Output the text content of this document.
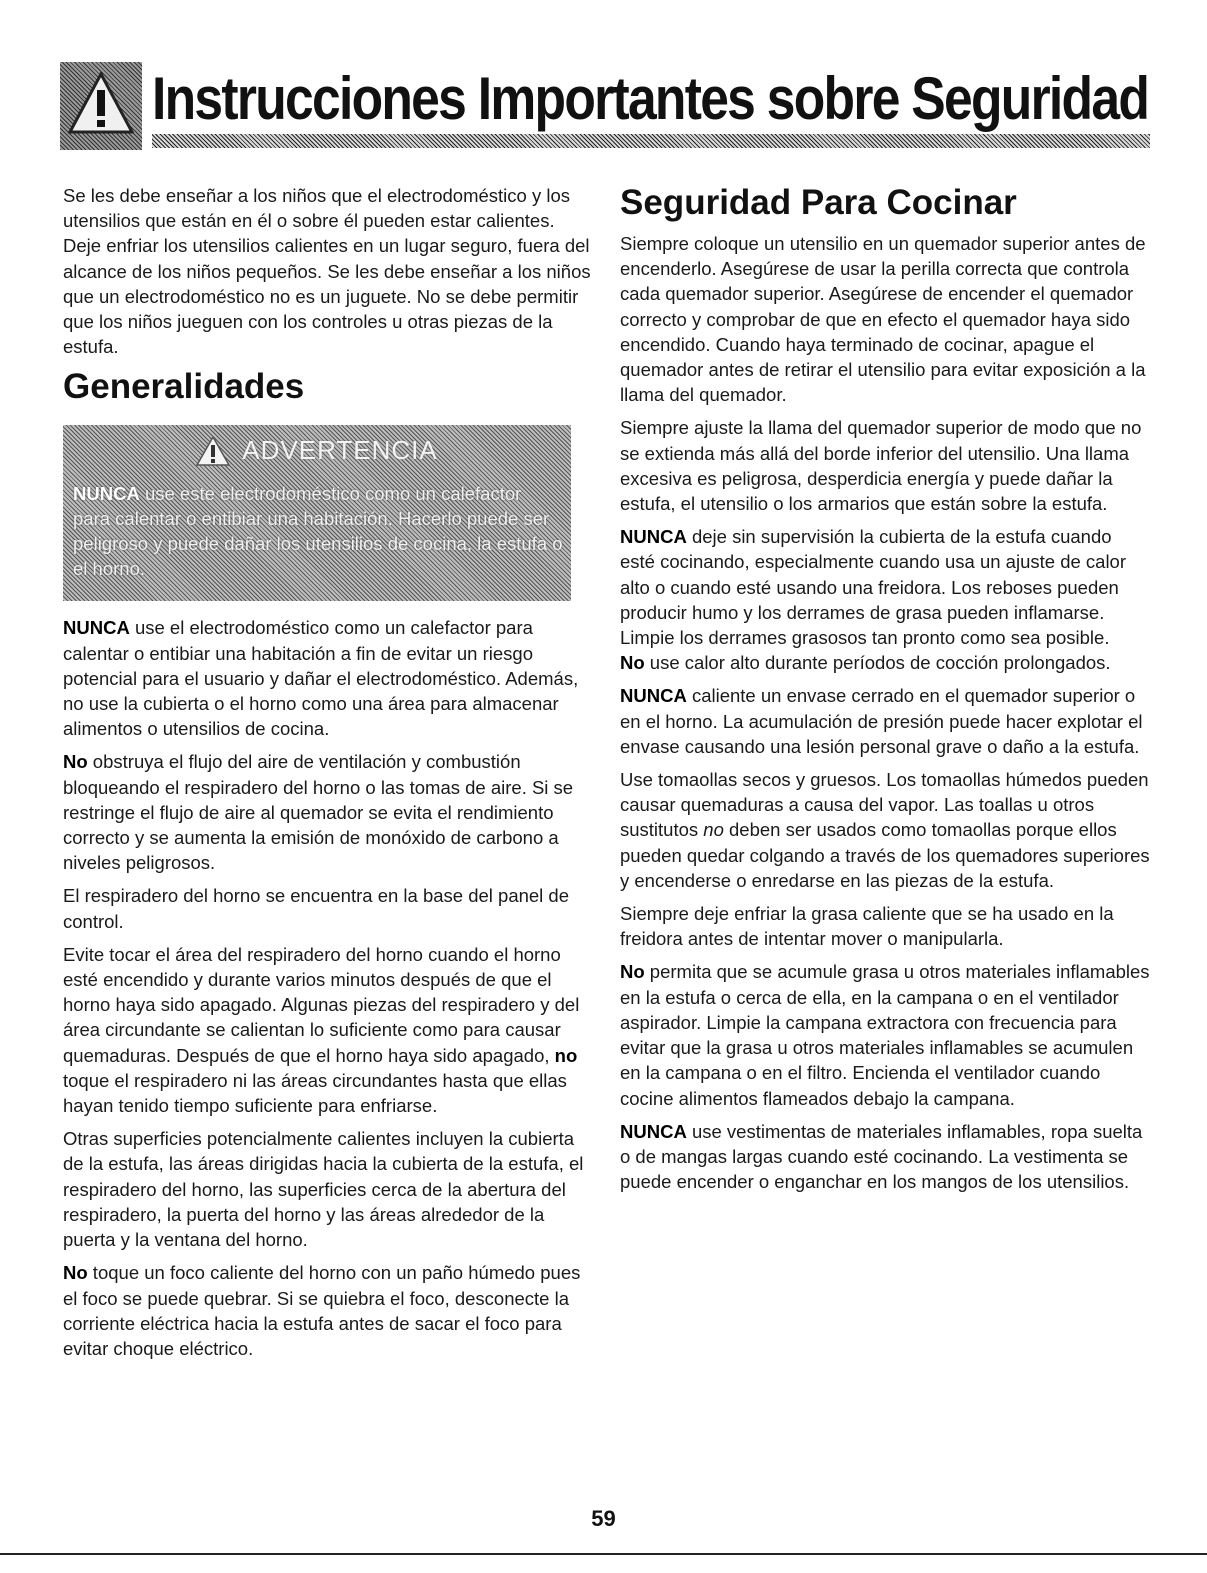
Instrucciones Importantes sobre Seguridad

Se les debe enseñar a los niños que el electrodoméstico y los utensilios que están en él o sobre él pueden estar calientes. Deje enfriar los utensilios calientes en un lugar seguro, fuera del alcance de los niños pequeños. Se les debe enseñar a los niños que un electrodoméstico no es un juguete. No se debe permitir que los niños jueguen con los controles u otras piezas de la estufa.

Generalidades
ADVERTENCIA
NUNCA use este electrodoméstico como un calefactor para calentar o entibiar una habitación. Hacerlo puede ser peligroso y puede dañar los utensilios de cocina, la estufa o el horno.

NUNCA use el electrodoméstico como un calefactor para calentar o entibiar una habitación a fin de evitar un riesgo potencial para el usuario y dañar el electrodoméstico. Además, no use la cubierta o el horno como una área para almacenar alimentos o utensilios de cocina.

No obstruya el flujo del aire de ventilación y combustión bloqueando el respiradero del horno o las tomas de aire. Si se restringe el flujo de aire al quemador se evita el rendimiento correcto y se aumenta la emisión de monóxido de carbono a niveles peligrosos.

El respiradero del horno se encuentra en la base del panel de control.

Evite tocar el área del respiradero del horno cuando el horno esté encendido y durante varios minutos después de que el horno haya sido apagado. Algunas piezas del respiradero y del área circundante se calientan lo suficiente como para causar quemaduras. Después de que el horno haya sido apagado, no toque el respiradero ni las áreas circundantes hasta que ellas hayan tenido tiempo suficiente para enfriarse.

Otras superficies potencialmente calientes incluyen la cubierta de la estufa, las áreas dirigidas hacia la cubierta de la estufa, el respiradero del horno, las superficies cerca de la abertura del respiradero, la puerta del horno y las áreas alrededor de la puerta y la ventana del horno.

No toque un foco caliente del horno con un paño húmedo pues el foco se puede quebrar. Si se quiebra el foco, desconecte la corriente eléctrica hacia la estufa antes de sacar el foco para evitar choque eléctrico.

Seguridad Para Cocinar

Siempre coloque un utensilio en un quemador superior antes de encenderlo. Asegúrese de usar la perilla correcta que controla cada quemador superior. Asegúrese de encender el quemador correcto y comprobar de que en efecto el quemador haya sido encendido. Cuando haya terminado de cocinar, apague el quemador antes de retirar el utensilio para evitar exposición a la llama del quemador.

Siempre ajuste la llama del quemador superior de modo que no se extienda más allá del borde inferior del utensilio. Una llama excesiva es peligrosa, desperdicia energía y puede dañar la estufa, el utensilio o los armarios que están sobre la estufa.

NUNCA deje sin supervisión la cubierta de la estufa cuando esté cocinando, especialmente cuando usa un ajuste de calor alto o cuando esté usando una freidora. Los reboses pueden producir humo y los derrames de grasa pueden inflamarse. Limpie los derrames grasosos tan pronto como sea posible.

No use calor alto durante períodos de cocción prolongados.

NUNCA caliente un envase cerrado en el quemador superior o en el horno. La acumulación de presión puede hacer explotar el envase causando una lesión personal grave o daño a la estufa.

Use tomaollas secos y gruesos. Los tomaollas húmedos pueden causar quemaduras a causa del vapor. Las toallas u otros sustitutos no deben ser usados como tomaollas porque ellos pueden quedar colgando a través de los quemadores superiores y encenderse o enredarse en las piezas de la estufa.

Siempre deje enfriar la grasa caliente que se ha usado en la freidora antes de intentar mover o manipularla.

No permita que se acumule grasa u otros materiales inflamables en la estufa o cerca de ella, en la campana o en el ventilador aspirador. Limpie la campana extractora con frecuencia para evitar que la grasa u otros materiales inflamables se acumulen en la campana o en el filtro. Encienda el ventilador cuando cocine alimentos flameados debajo la campana.

NUNCA use vestimentas de materiales inflamables, ropa suelta o de mangas largas cuando esté cocinando. La vestimenta se puede encender o enganchar en los mangos de los utensilios.

59
